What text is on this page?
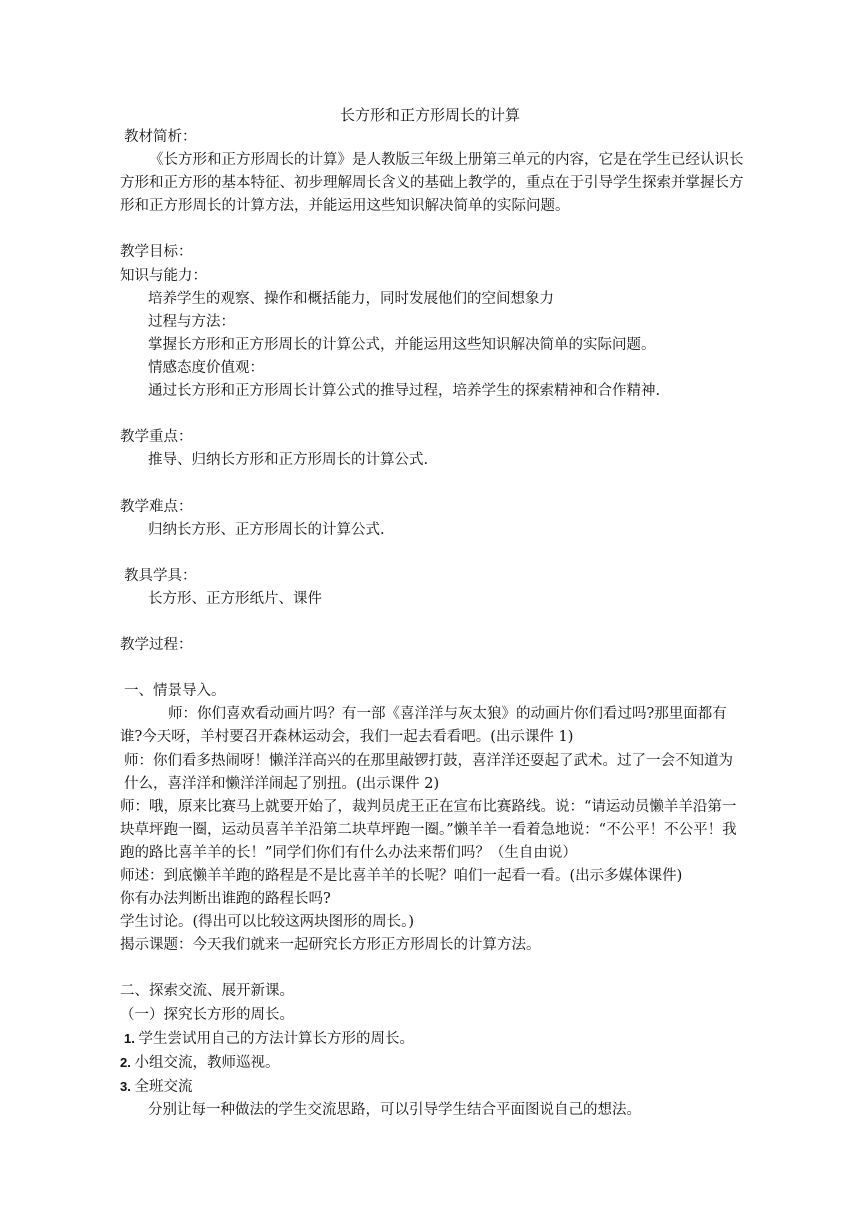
长方形和正方形周长的计算

教材简析：

《长方形和正方形周长的计算》是人教版三年级上册第三单元的内容，它是在学生已经认识长方形和正方形的基本特征、初步理解周长含义的基础上教学的，重点在于引导学生探索并掌握长方形和正方形周长的计算方法，并能运用这些知识解决简单的实际问题。

教学目标：

知识与能力：

培养学生的观察、操作和概括能力，同时发展他们的空间想象力

过程与方法：

掌握长方形和正方形周长的计算公式，并能运用这些知识解决简单的实际问题。

情感态度价值观：

通过长方形和正方形周长计算公式的推导过程，培养学生的探索精神和合作精神.

教学重点：

推导、归纳长方形和正方形周长的计算公式.

教学难点：

归纳长方形、正方形周长的计算公式.

教具学具：

长方形、正方形纸片、课件

教学过程：

一、情景导入。

师：你们喜欢看动画片吗？有一部《喜洋洋与灰太狼》的动画片你们看过吗?那里面都有谁?今天呀，羊村要召开森林运动会，我们一起去看看吧。(出示课件 1)

师：你们看多热闹呀！懒洋洋高兴的在那里敲锣打鼓，喜洋洋还耍起了武术。过了一会不知道为什么，喜洋洋和懒洋洋闹起了别扭。(出示课件 2)

师：哦，原来比赛马上就要开始了，裁判员虎王正在宣布比赛路线。说：“请运动员懒羊羊沿第一块草坪跑一圈，运动员喜羊羊沿第二块草坪跑一圈。”懒羊羊一看着急地说：“不公平！不公平！我跑的路比喜羊羊的长！”同学们你们有什么办法来帮们吗？（生自由说）

师述：到底懒羊羊跑的路程是不是比喜羊羊的长呢？咱们一起看一看。(出示多媒体课件)

你有办法判断出谁跑的路程长吗?

学生讨论。(得出可以比较这两块图形的周长。)

揭示课题：今天我们就来一起研究长方形正方形周长的计算方法。

二、探索交流、展开新课。

（一）探究长方形的周长。

1. 学生尝试用自己的方法计算长方形的周长。

2. 小组交流，教师巡视。

3. 全班交流

分别让每一种做法的学生交流思路，可以引导学生结合平面图说自己的想法。
